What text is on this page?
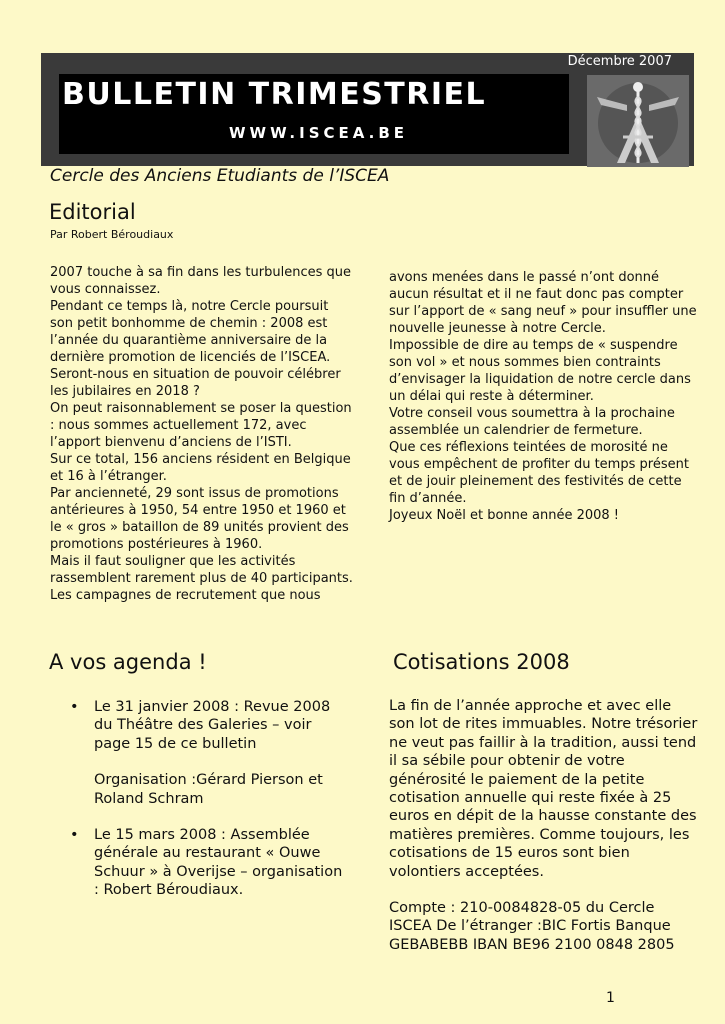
Décembre 2007
BULLETIN TRIMESTRIEL
WWW.ISCEA.BE
Cercle des Anciens Etudiants de l’ISCEA
Editorial
Par Robert Béroudiaux

2007 touche à sa fin dans les turbulences que vous connaissez.

Pendant ce temps là, notre Cercle poursuit son petit bonhomme de chemin : 2008 est l’année du quarantième anniversaire de la dernière promotion de licenciés de l’ISCEA.

Seront-nous en situation de pouvoir célébrer les jubilaires en 2018 ?

On peut raisonnablement se poser la question : nous sommes actuellement 172, avec l’apport bienvenu d’anciens de l’ISTI.

Sur ce total, 156 anciens résident en Belgique et 16 à l’étranger.

Par ancienneté, 29 sont issus de promotions antérieures à 1950, 54 entre 1950 et 1960 et le « gros » bataillon de 89 unités provient des promotions postérieures à 1960.

Mais il faut souligner que les activités rassemblent rarement plus de 40 participants.

Les campagnes de recrutement que nous

avons menées dans le passé n’ont donné aucun résultat et il ne faut donc pas compter sur l’apport de « sang neuf » pour insuffler une nouvelle jeunesse à notre Cercle.

Impossible de dire au temps de « suspendre son vol » et nous sommes bien contraints d’envisager la liquidation de notre cercle dans un délai qui reste à déterminer.

Votre conseil vous soumettra à la prochaine assemblée un calendrier de fermeture.

Que ces réflexions teintées de morosité ne vous empêchent de profiter du temps présent et de jouir pleinement des festivités de cette fin d’année.

Joyeux Noël et bonne année 2008 !

A vos agenda !	Cotisations 2008
• Le 31 janvier 2008 : Revue 2008 du Théâtre des Galeries – voir page 15 de ce bulletin

Organisation :Gérard Pierson et Roland Schram

• Le 15 mars 2008 : Assemblée générale au restaurant « Ouwe Schuur » à Overijse – organisation : Robert Béroudiaux.

La fin de l’année approche et avec elle son lot de rites immuables. Notre trésorier ne veut pas faillir à la tradition, aussi tend il sa sébile pour obtenir de votre générosité le paiement de la petite cotisation annuelle qui reste fixée à 25 euros en dépit de la hausse constante des matières premières. Comme toujours, les cotisations de 15 euros sont bien volontiers acceptées.

Compte : 210-0084828-05 du Cercle ISCEA De l’étranger :BIC Fortis Banque GEBABEBB IBAN BE96 2100 0848 2805

1
